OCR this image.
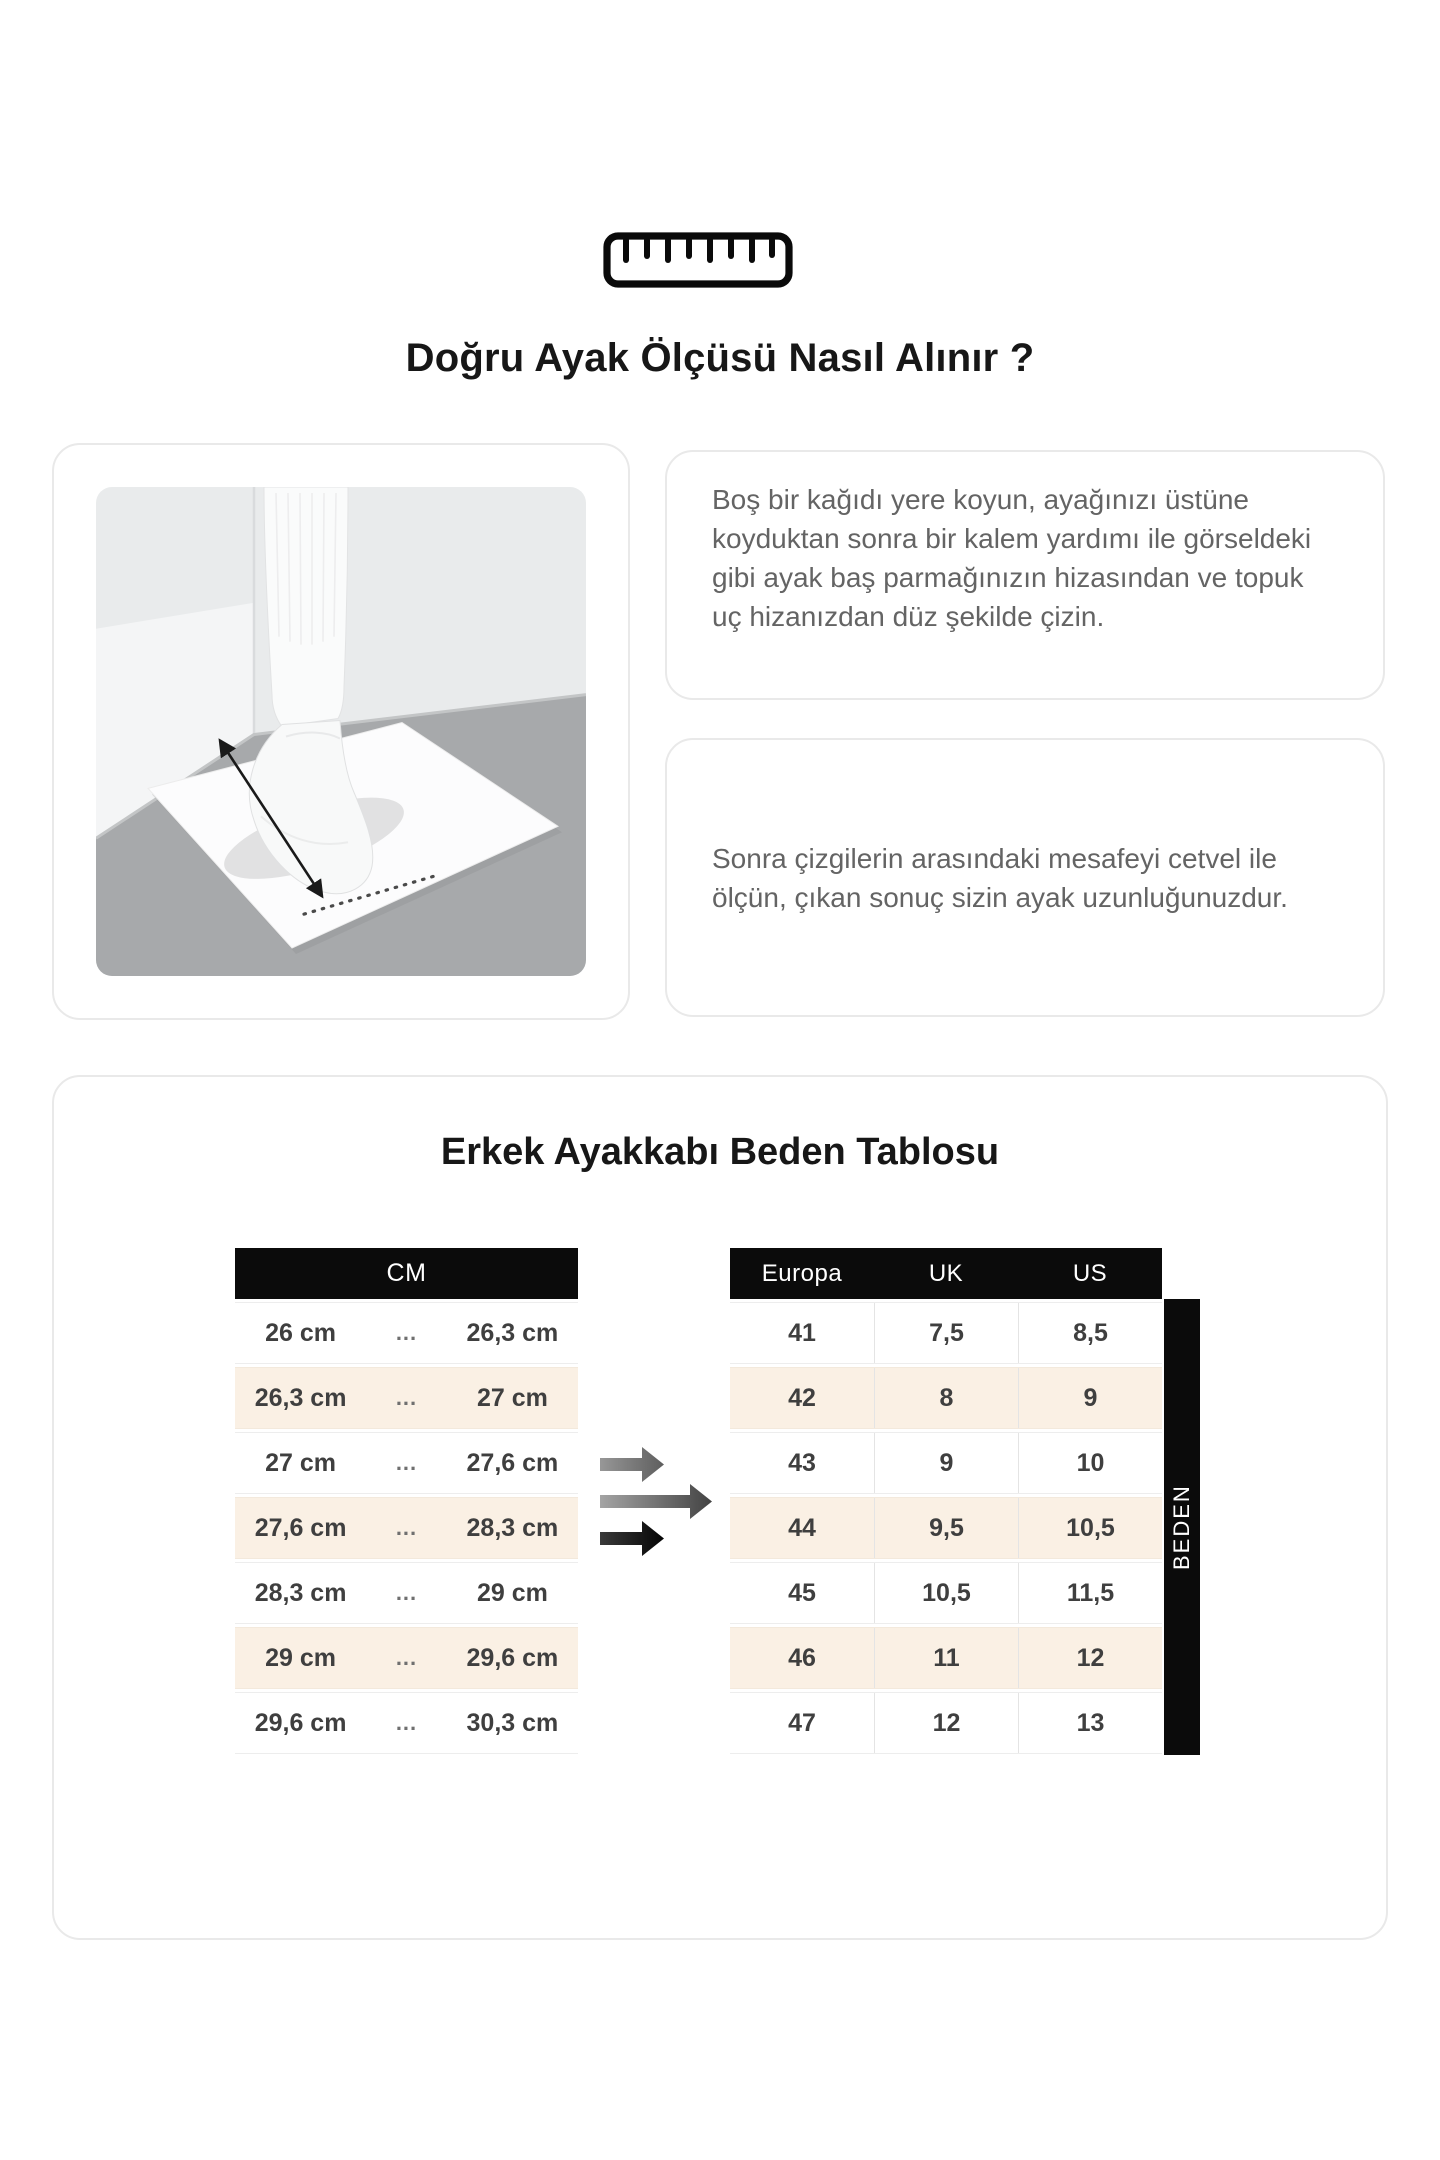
Doğru Ayak Ölçüsü Nasıl Alınır ?

Boş bir kağıdı yere koyun, ayağınızı üstüne koyduktan sonra bir kalem yardımı ile görseldeki gibi ayak baş parmağınızın hizasından ve topuk uç hizanızdan düz şekilde çizin.

Sonra çizgilerin arasındaki mesafeyi cetvel ile ölçün, çıkan sonuç sizin ayak uzunluğunuzdur.

Erkek Ayakkabı Beden Tablosu
CM
26 cm	...	26,3 cm
26,3 cm	...	27 cm
27 cm	...	27,6 cm
27,6 cm	...	28,3 cm
28,3 cm	...	29 cm
29 cm	...	29,6 cm
29,6 cm	...	30,3 cm
Europa	UK	US
41	7,5	8,5
42	8	9
43	9	10
44	9,5	10,5
45	10,5	11,5
46	11	12
47	12	13
BEDEN
